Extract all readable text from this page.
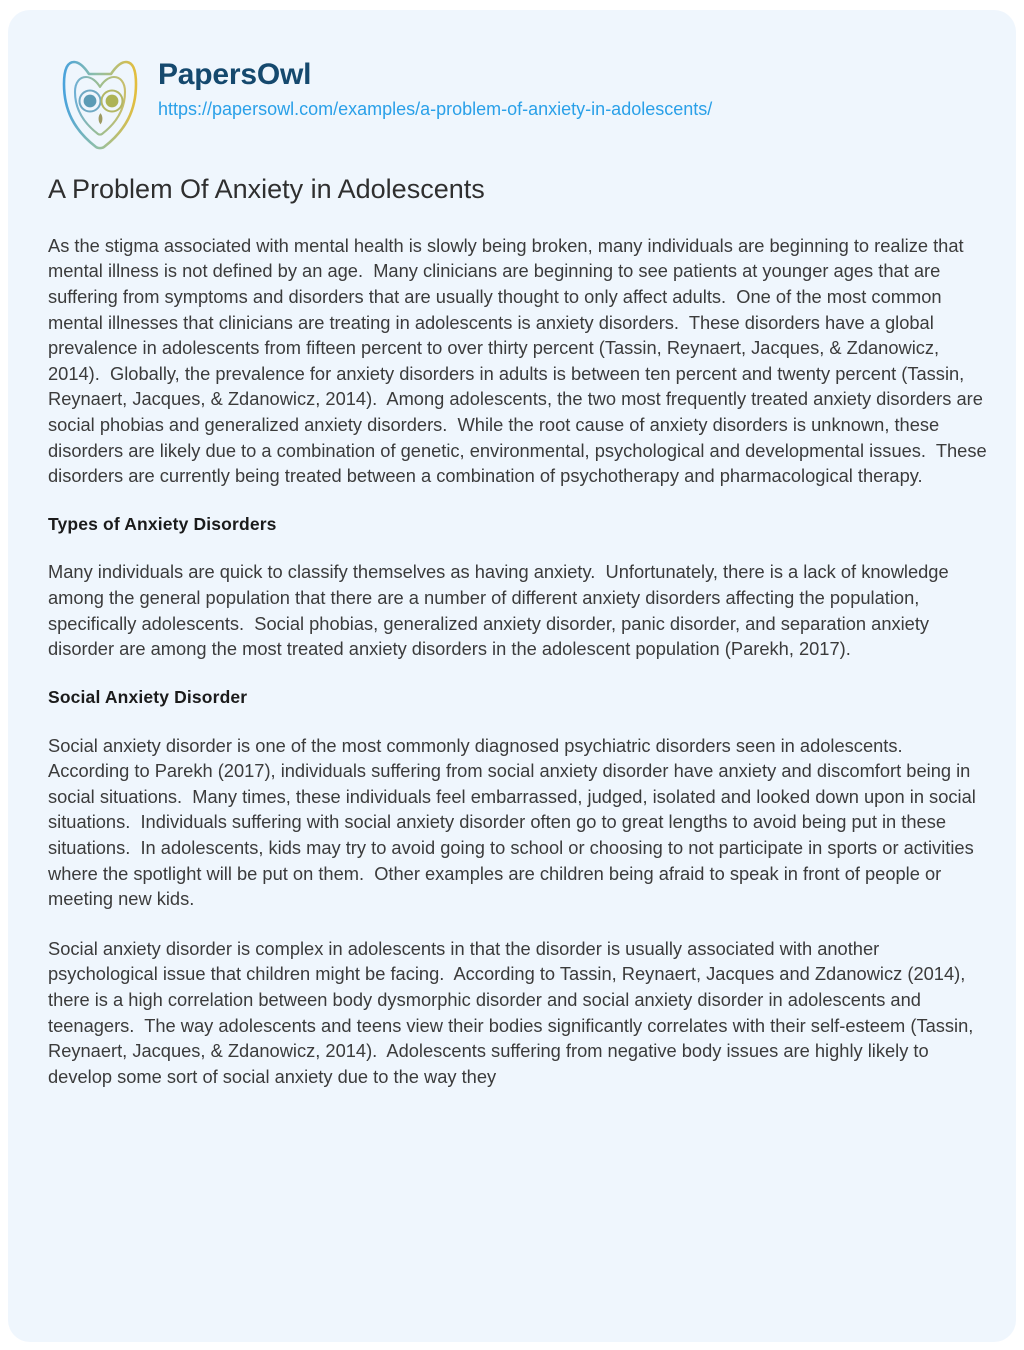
PapersOwl
https://papersowl.com/examples/a-problem-of-anxiety-in-adolescents/
A Problem Of Anxiety in Adolescents

As the stigma associated with mental health is slowly being broken, many individuals are beginning to realize that mental illness is not defined by an age.  Many clinicians are beginning to see patients at younger ages that are suffering from symptoms and disorders that are usually thought to only affect adults.  One of the most common mental illnesses that clinicians are treating in adolescents is anxiety disorders.  These disorders have a global prevalence in adolescents from fifteen percent to over thirty percent (Tassin, Reynaert, Jacques, & Zdanowicz, 2014).  Globally, the prevalence for anxiety disorders in adults is between ten percent and twenty percent (Tassin, Reynaert, Jacques, & Zdanowicz, 2014).  Among adolescents, the two most frequently treated anxiety disorders are social phobias and generalized anxiety disorders.  While the root cause of anxiety disorders is unknown, these disorders are likely due to a combination of genetic, environmental, psychological and developmental issues.  These disorders are currently being treated between a combination of psychotherapy and pharmacological therapy.

Types of Anxiety Disorders

Many individuals are quick to classify themselves as having anxiety.  Unfortunately, there is a lack of knowledge among the general population that there are a number of different anxiety disorders affecting the population, specifically adolescents.  Social phobias, generalized anxiety disorder, panic disorder, and separation anxiety disorder are among the most treated anxiety disorders in the adolescent population (Parekh, 2017).

Social Anxiety Disorder

Social anxiety disorder is one of the most commonly diagnosed psychiatric disorders seen in adolescents.  According to Parekh (2017), individuals suffering from social anxiety disorder have anxiety and discomfort being in social situations.  Many times, these individuals feel embarrassed, judged, isolated and looked down upon in social situations.  Individuals suffering with social anxiety disorder often go to great lengths to avoid being put in these situations.  In adolescents, kids may try to avoid going to school or choosing to not participate in sports or activities where the spotlight will be put on them.  Other examples are children being afraid to speak in front of people or meeting new kids.

Social anxiety disorder is complex in adolescents in that the disorder is usually associated with another psychological issue that children might be facing.  According to Tassin, Reynaert, Jacques and Zdanowicz (2014), there is a high correlation between body dysmorphic disorder and social anxiety disorder in adolescents and teenagers.  The way adolescents and teens view their bodies significantly correlates with their self-esteem (Tassin, Reynaert, Jacques, & Zdanowicz, 2014).  Adolescents suffering from negative body issues are highly likely to develop some sort of social anxiety due to the way they
